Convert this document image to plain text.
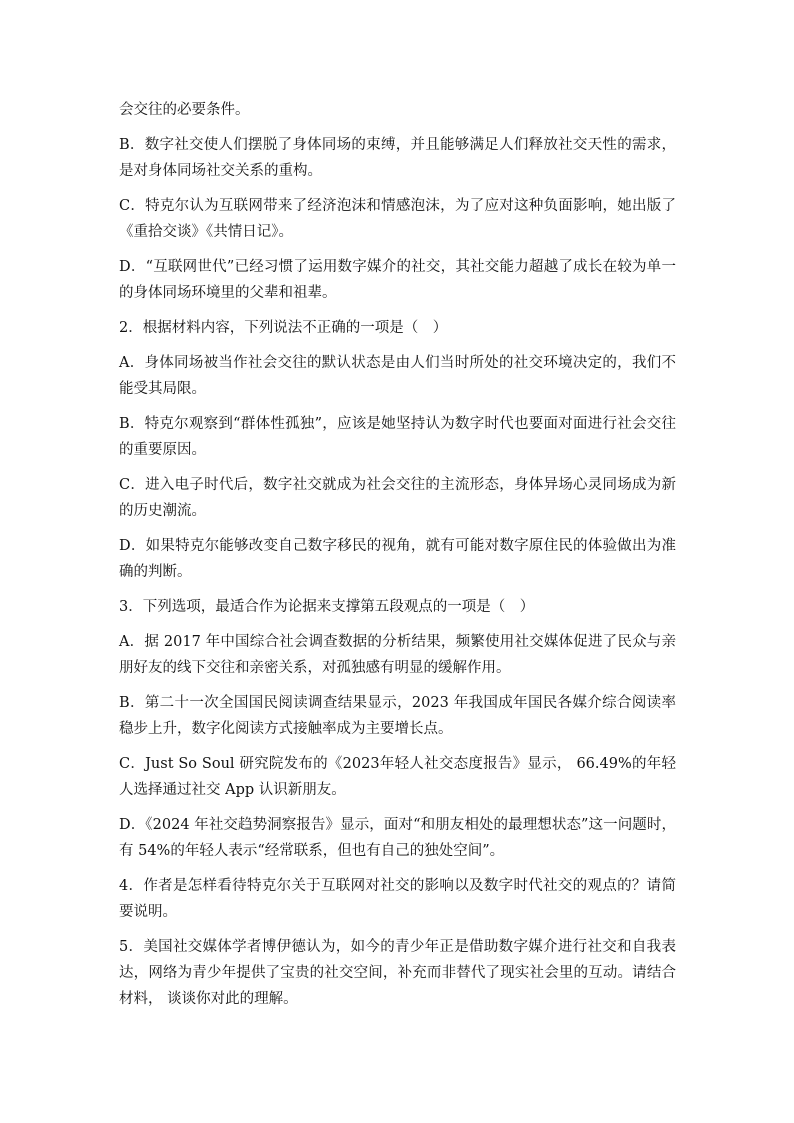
会交往的必要条件。

B．数字社交使人们摆脱了身体同场的束缚，并且能够满足人们释放社交天性的需求，是对身体同场社交关系的重构。

C．特克尔认为互联网带来了经济泡沫和情感泡沫，为了应对这种负面影响，她出版了《重拾交谈》《共情日记》。

D．“互联网世代”已经习惯了运用数字媒介的社交，其社交能力超越了成长在较为单一的身体同场环境里的父辈和祖辈。

2．根据材料内容，下列说法不正确的一项是（　）

A．身体同场被当作社会交往的默认状态是由人们当时所处的社交环境决定的，我们不能受其局限。

B．特克尔观察到“群体性孤独”，应该是她坚持认为数字时代也要面对面进行社会交往的重要原因。

C．进入电子时代后，数字社交就成为社会交往的主流形态，身体异场心灵同场成为新的历史潮流。

D．如果特克尔能够改变自己数字移民的视角，就有可能对数字原住民的体验做出为准确的判断。

3．下列选项，最适合作为论据来支撑第五段观点的一项是（　）

A．据 2017 年中国综合社会调查数据的分析结果，频繁使用社交媒体促进了民众与亲朋好友的线下交往和亲密关系，对孤独感有明显的缓解作用。

B．第二十一次全国国民阅读调查结果显示，2023 年我国成年国民各媒介综合阅读率稳步上升，数字化阅读方式接触率成为主要增长点。

C．Just So Soul 研究院发布的《2023年轻人社交态度报告》显示， 66.49%的年轻人选择通过社交 App 认识新朋友。

D．《2024 年社交趋势洞察报告》显示，面对“和朋友相处的最理想状态”这一问题时，有 54%的年轻人表示“经常联系，但也有自己的独处空间”。

4．作者是怎样看待特克尔关于互联网对社交的影响以及数字时代社交的观点的？请简要说明。

5．美国社交媒体学者博伊德认为，如今的青少年正是借助数字媒介进行社交和自我表达，网络为青少年提供了宝贵的社交空间，补充而非替代了现实社会里的互动。请结合材料， 谈谈你对此的理解。
